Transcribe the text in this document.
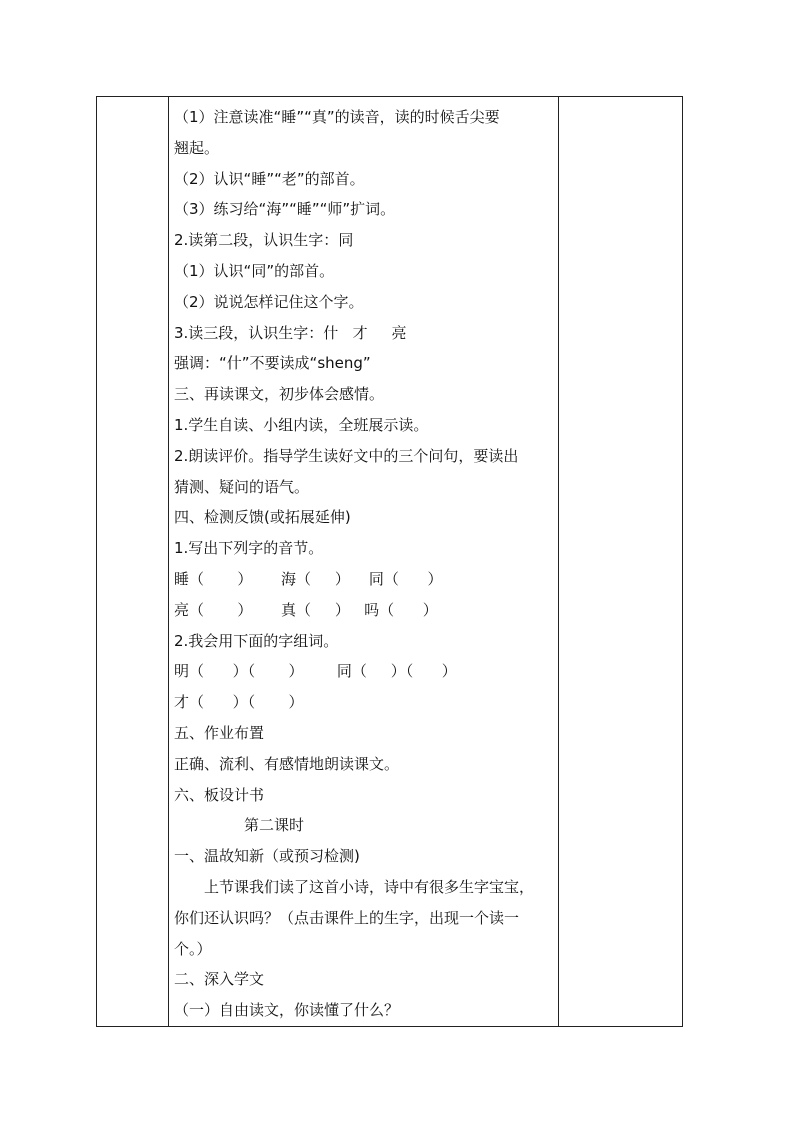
（1）注意读准“睡”“真”的读音，读的时候舌尖要
翘起。
（2）认识“睡”“老”的部首。
（3）练习给“海”“睡”“师”扩词。
2.读第二段，认识生字：同
（1）认识“同”的部首。
（2）说说怎样记住这个字。
3.读三段，认识生字：什   才     亮
强调：“什”不要读成“sheng”
三、再读课文，初步体会感情。
1.学生自读、小组内读，全班展示读。
2.朗读评价。指导学生读好文中的三个问句，要读出
猜测、疑问的语气。
四、检测反馈(或拓展延伸)
1.写出下列字的音节。
睡（       ）      海（     ）    同（      ）
亮（       ）      真（     ）   吗（      ）
2.我会用下面的字组词。
明（      ）（       ）       同（     ）（      ）
才（      ）（       ）
五、作业布置
正确、流利、有感情地朗读课文。
六、板设计书
第二课时
一、温故知新（或预习检测)
上节课我们读了这首小诗，诗中有很多生字宝宝，
你们还认识吗？（点击课件上的生字，出现一个读一
个。）
二、深入学文
（一）自由读文，你读懂了什么？
